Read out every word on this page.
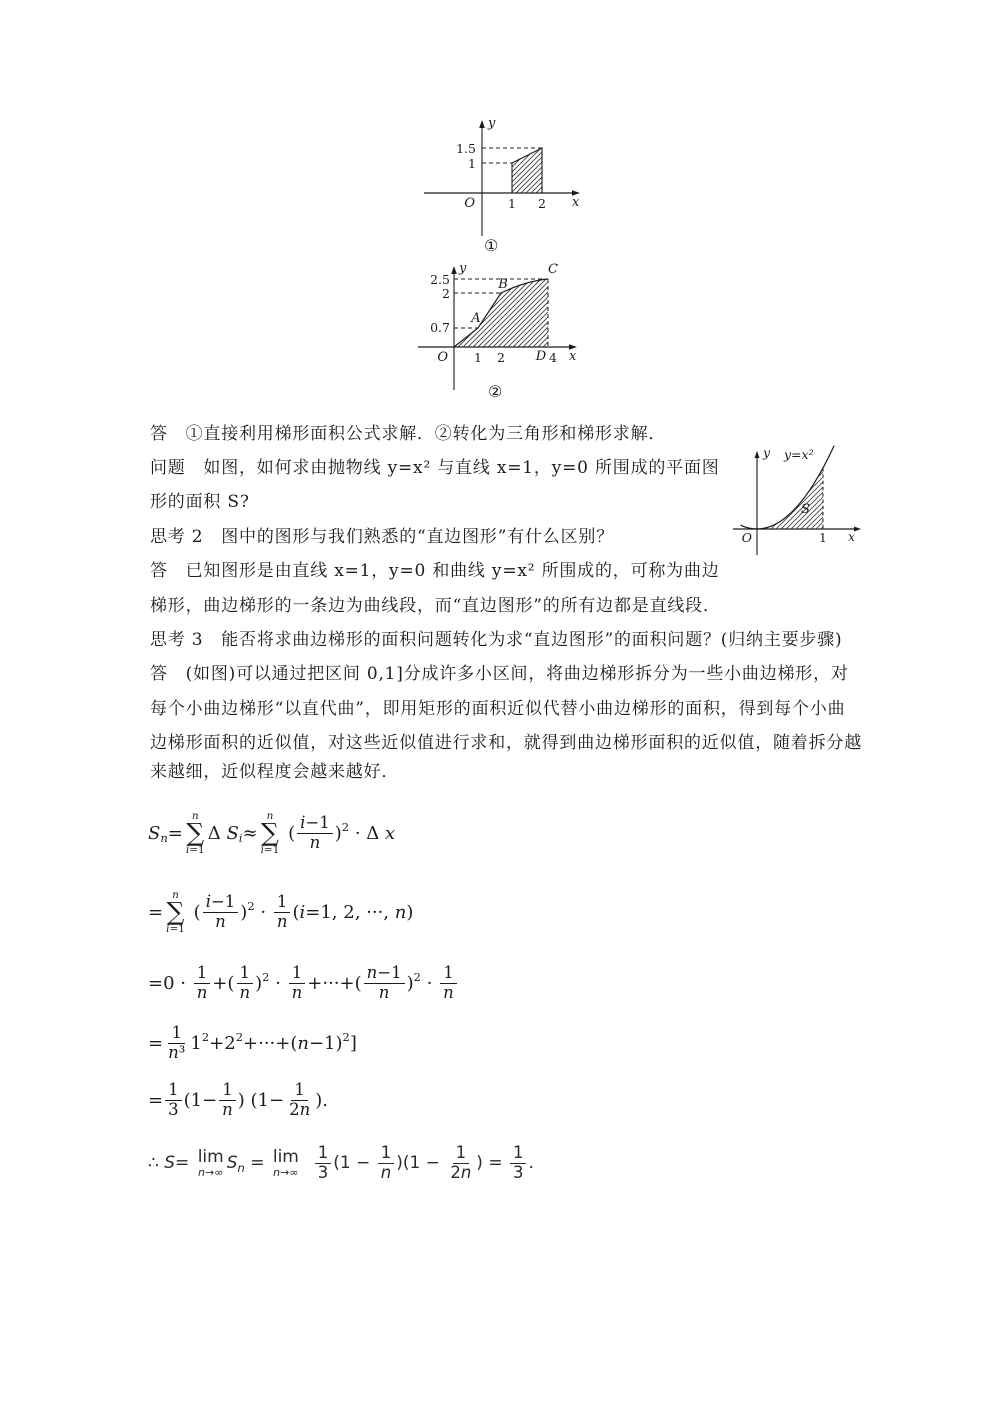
y
1.5
1
O	1 2 x
①
y
2.5
2
0.7
O 1 2 D 4 x
A
B
C
②
y y=x²
S
O	1 x
答　①直接利用梯形面积公式求解．②转化为三角形和梯形求解．
问题　如图，如何求由抛物线 y=x² 与直线 x=1，y=0 所围成的平面图
形的面积 S?
思考 2　图中的图形与我们熟悉的“直边图形”有什么区别？
答　已知图形是由直线 x=1，y=0 和曲线 y=x² 所围成的，可称为曲边
梯形，曲边梯形的一条边为曲线段，而“直边图形”的所有边都是直线段．
思考 3　能否将求曲边梯形的面积问题转化为求“直边图形”的面积问题？(归纳主要步骤)
答　(如图)可以通过把区间 0,1]分成许多小区间，将曲边梯形拆分为一些小曲边梯形，对
每个小曲边梯形“以直代曲”，即用矩形的面积近似代替小曲边梯形的面积，得到每个小曲
边梯形面积的近似值，对这些近似值进行求和，就得到曲边梯形面积的近似值，随着拆分越
来越细，近似程度会越来越好．
S n =
n
∑
i=1
Δ S i ≈
n
∑
i=1
( $\frac{i-1}{n}$ ) 2 · Δ x
=
n
∑
i=1
( $\frac{i-1}{n}$ ) $2 \cdot \frac{1}{n}$ ( i =1, 2, ···, n )
$=0 \cdot \frac{1}{n}$ +( $\frac{1}{n}$ ) $2 \cdot \frac{1}{n}$ +···+( $\frac{n-1}{n}$ ) $2 \cdot \frac{1}{n}$
= $\frac{1}{\text{n³}} 1$ 2 +2 2 +···+( n −1) 2 ]
= $\frac{1}{3} (1- \frac{1}{n}$ ) ($1- \frac{1}{2n}$ ).
∴ S = lim
n→∞ S n = lim
n→∞
$\frac{1}{3} (1 - \frac{1}{n} )(1 - \frac{1}{2n}$ ) = $\frac{1}{3}$ .
